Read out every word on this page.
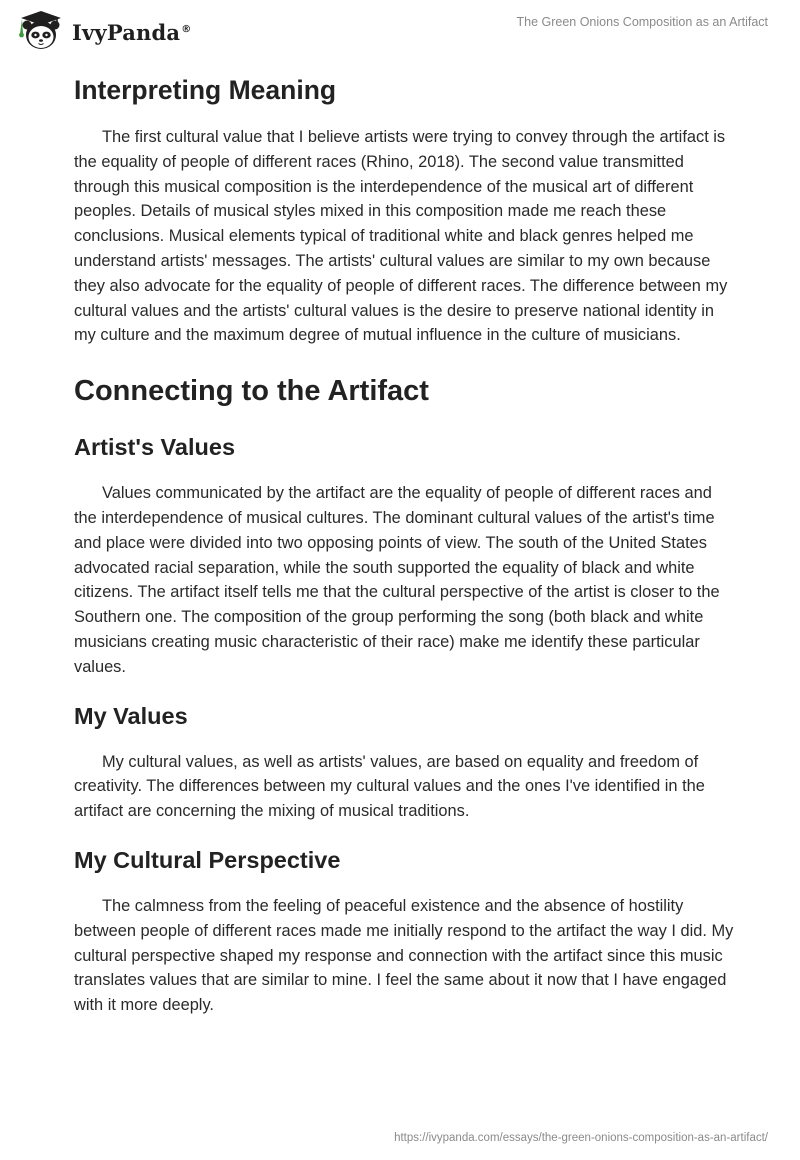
IvyPanda®	The Green Onions Composition as an Artifact
Interpreting Meaning

The first cultural value that I believe artists were trying to convey through the artifact is the equality of people of different races (Rhino, 2018). The second value transmitted through this musical composition is the interdependence of the musical art of different peoples. Details of musical styles mixed in this composition made me reach these conclusions. Musical elements typical of traditional white and black genres helped me understand artists' messages. The artists' cultural values are similar to my own because they also advocate for the equality of people of different races. The difference between my cultural values and the artists' cultural values is the desire to preserve national identity in my culture and the maximum degree of mutual influence in the culture of musicians.

Connecting to the Artifact
Artist's Values

Values communicated by the artifact are the equality of people of different races and the interdependence of musical cultures. The dominant cultural values of the artist's time and place were divided into two opposing points of view. The south of the United States advocated racial separation, while the south supported the equality of black and white citizens. The artifact itself tells me that the cultural perspective of the artist is closer to the Southern one. The composition of the group performing the song (both black and white musicians creating music characteristic of their race) make me identify these particular values.

My Values

My cultural values, as well as artists' values, are based on equality and freedom of creativity. The differences between my cultural values and the ones I've identified in the artifact are concerning the mixing of musical traditions.

My Cultural Perspective

The calmness from the feeling of peaceful existence and the absence of hostility between people of different races made me initially respond to the artifact the way I did. My cultural perspective shaped my response and connection with the artifact since this music translates values that are similar to mine. I feel the same about it now that I have engaged with it more deeply.

https://ivypanda.com/essays/the-green-onions-composition-as-an-artifact/
